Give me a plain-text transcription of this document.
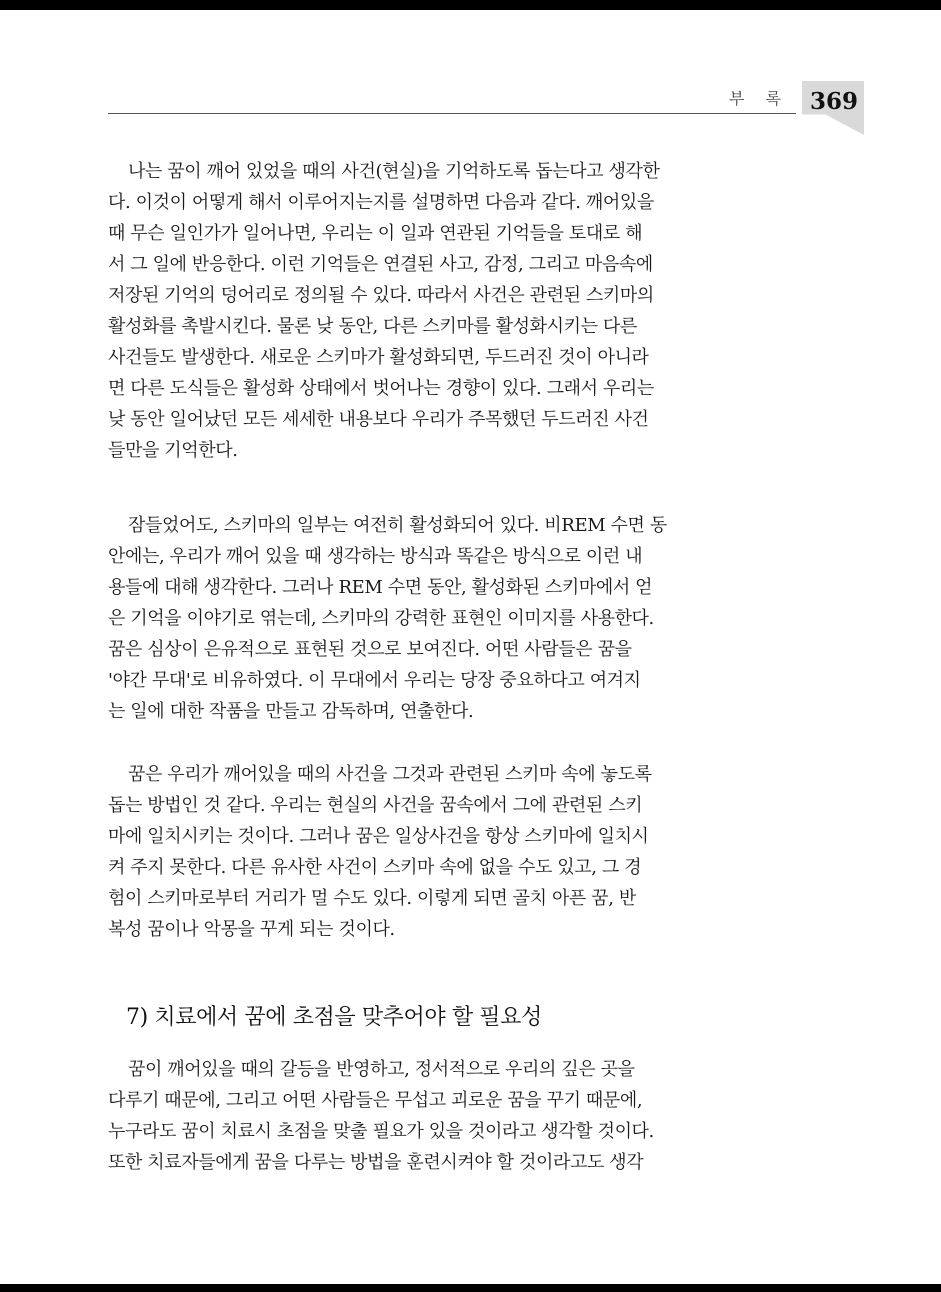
부 록 369
나는 꿈이 깨어 있었을 때의 사건(현실)을 기억하도록 돕는다고 생각한
다. 이것이 어떻게 해서 이루어지는지를 설명하면 다음과 같다. 깨어있을
때 무슨 일인가가 일어나면, 우리는 이 일과 연관된 기억들을 토대로 해
서 그 일에 반응한다. 이런 기억들은 연결된 사고, 감정, 그리고 마음속에
저장된 기억의 덩어리로 정의될 수 있다. 따라서 사건은 관련된 스키마의
활성화를 촉발시킨다. 물론 낮 동안, 다른 스키마를 활성화시키는 다른
사건들도 발생한다. 새로운 스키마가 활성화되면, 두드러진 것이 아니라
면 다른 도식들은 활성화 상태에서 벗어나는 경향이 있다. 그래서 우리는
낮 동안 일어났던 모든 세세한 내용보다 우리가 주목했던 두드러진 사건
들만을 기억한다.
잠들었어도, 스키마의 일부는 여전히 활성화되어 있다. 비REM 수면 동
안에는, 우리가 깨어 있을 때 생각하는 방식과 똑같은 방식으로 이런 내
용들에 대해 생각한다. 그러나 REM 수면 동안, 활성화된 스키마에서 얻
은 기억을 이야기로 엮는데, 스키마의 강력한 표현인 이미지를 사용한다.
꿈은 심상이 은유적으로 표현된 것으로 보여진다. 어떤 사람들은 꿈을
'야간 무대'로 비유하였다. 이 무대에서 우리는 당장 중요하다고 여겨지
는 일에 대한 작품을 만들고 감독하며, 연출한다.
꿈은 우리가 깨어있을 때의 사건을 그것과 관련된 스키마 속에 놓도록
돕는 방법인 것 같다. 우리는 현실의 사건을 꿈속에서 그에 관련된 스키
마에 일치시키는 것이다. 그러나 꿈은 일상사건을 항상 스키마에 일치시
켜 주지 못한다. 다른 유사한 사건이 스키마 속에 없을 수도 있고, 그 경
험이 스키마로부터 거리가 멀 수도 있다. 이렇게 되면 골치 아픈 꿈, 반
복성 꿈이나 악몽을 꾸게 되는 것이다.
7) 치료에서 꿈에 초점을 맞추어야 할 필요성
꿈이 깨어있을 때의 갈등을 반영하고, 정서적으로 우리의 깊은 곳을
다루기 때문에, 그리고 어떤 사람들은 무섭고 괴로운 꿈을 꾸기 때문에,
누구라도 꿈이 치료시 초점을 맞출 필요가 있을 것이라고 생각할 것이다.
또한 치료자들에게 꿈을 다루는 방법을 훈련시켜야 할 것이라고도 생각
